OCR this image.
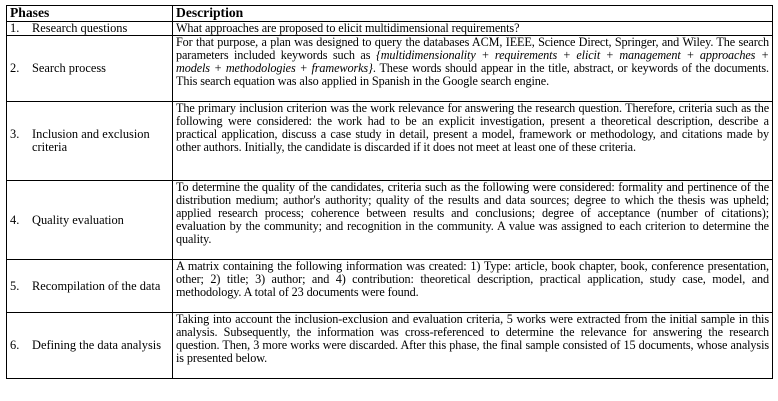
Phases	Description
1. Research questions	What approaches are proposed to elicit multidimensional requirements?
2. Search process	For that purpose, a plan was designed to query the databases ACM, IEEE, Science Direct, Springer, and Wiley. The search parameters included keywords such as {multidimensionality + requirements + elicit + management + approaches + models + methodologies + frameworks}. These words should appear in the title, abstract, or keywords of the documents. This search equation was also applied in Spanish in the Google search engine.
3. Inclusion and exclusion criteria	The primary inclusion criterion was the work relevance for answering the research question. Therefore, criteria such as the following were considered: the work had to be an explicit investigation, present a theoretical description, describe a practical application, discuss a case study in detail, present a model, framework or methodology, and citations made by other authors. Initially, the candidate is discarded if it does not meet at least one of these criteria.
4. Quality evaluation	To determine the quality of the candidates, criteria such as the following were considered: formality and pertinence of the distribution medium; author's authority; quality of the results and data sources; degree to which the thesis was upheld; applied research process; coherence between results and conclusions; degree of acceptance (number of citations); evaluation by the community; and recognition in the community. A value was assigned to each criterion to determine the quality.
5. Recompilation of the data	A matrix containing the following information was created: 1) Type: article, book chapter, book, conference presentation, other; 2) title; 3) author; and 4) contribution: theoretical description, practical application, study case, model, and methodology. A total of 23 documents were found.
6. Defining the data analysis	Taking into account the inclusion-exclusion and evaluation criteria, 5 works were extracted from the initial sample in this analysis. Subsequently, the information was cross-referenced to determine the relevance for answering the research question. Then, 3 more works were discarded. After this phase, the final sample consisted of 15 documents, whose analysis is presented below.
